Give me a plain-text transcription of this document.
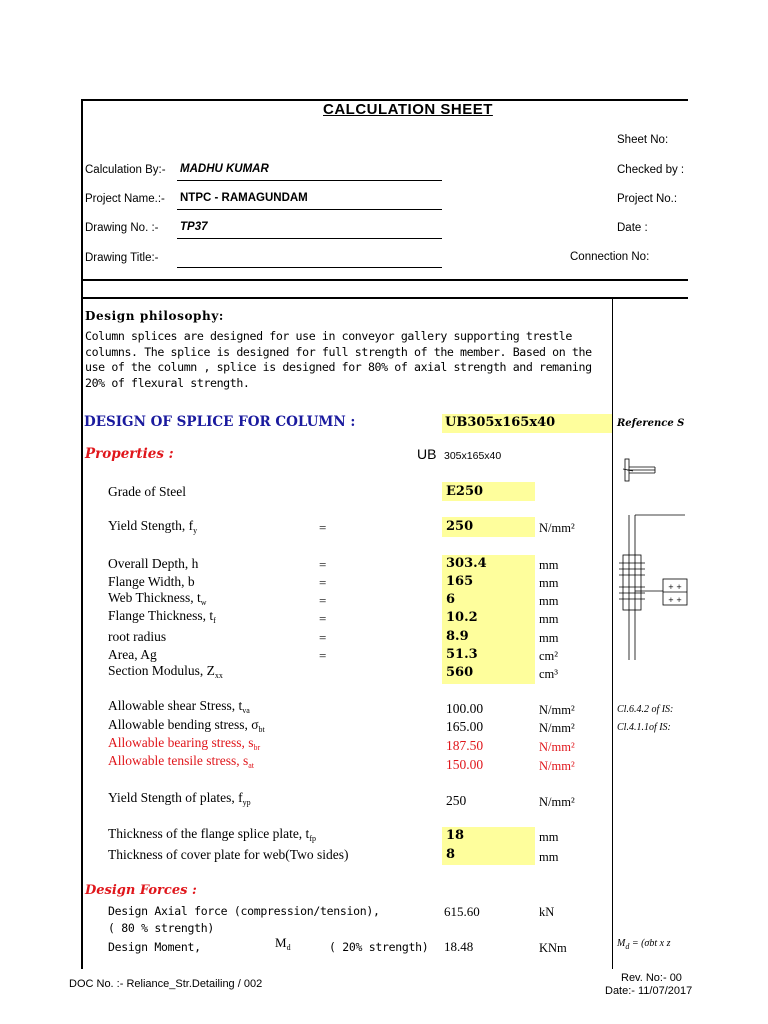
CALCULATION SHEET
Sheet No:
Calculation By:- MADHU KUMAR	Checked by :
Project Name.:- NTPC - RAMAGUNDAM	Project No.:
Drawing No. :- TP37	Date :
Drawing Title:-	Connection No:
Design philosophy:
Column splices are designed for use in conveyor gallery supporting trestle
columns. The splice is designed for full strength of the member. Based on the
use of the column , splice is designed for 80% of axial strength and remaning
20% of flexural strength.
DESIGN OF SPLICE FOR COLUMN :	UB305x165x40	Reference S
Properties :	UB 305x165x40
Grade of Steel	E250
Yield Stength, $f_y$	=	250	N/mm²
Overall Depth, h	=	303.4	mm
Flange Width, b	=	165	mm
Web Thickness, $t_w$	=	6	mm
Flange Thickness, $t_f$	=	10.2	mm
root radius	=	8.9	mm
Area, Ag	=	51.3	cm²
Section Modulus, $Z_{xx}$	560	cm³
Allowable shear Stress, $t_{va}$	100.00	N/mm²	Cl.6.4.2 of IS:
Allowable bending stress, $\sigma_{bt}$	165.00	N/mm²	Cl.4.1.1of IS:
Allowable bearing stress, $s_{br}$	187.50	N/mm²
Allowable tensile stress, $s_{at}$	150.00	N/mm²
Yield Stength of plates, $f_{yp}$	250	N/mm²
Thickness of the flange splice plate, $t_{fp}$	18	mm
Thickness of cover plate for web(Two sides)	8	mm
Design Forces :
Design Axial force (compression/tension),
( 80 % strength)
615.60	kN
Design Moment,	$M_d$	( 20% strength) 18.48	KNm	$M_d = (\sigma bt$ x z
+ +
+ +
DOC No. :- Reliance_Str.Detailing / 002	Rev. No:- 00
Date:- 11/07/2017
